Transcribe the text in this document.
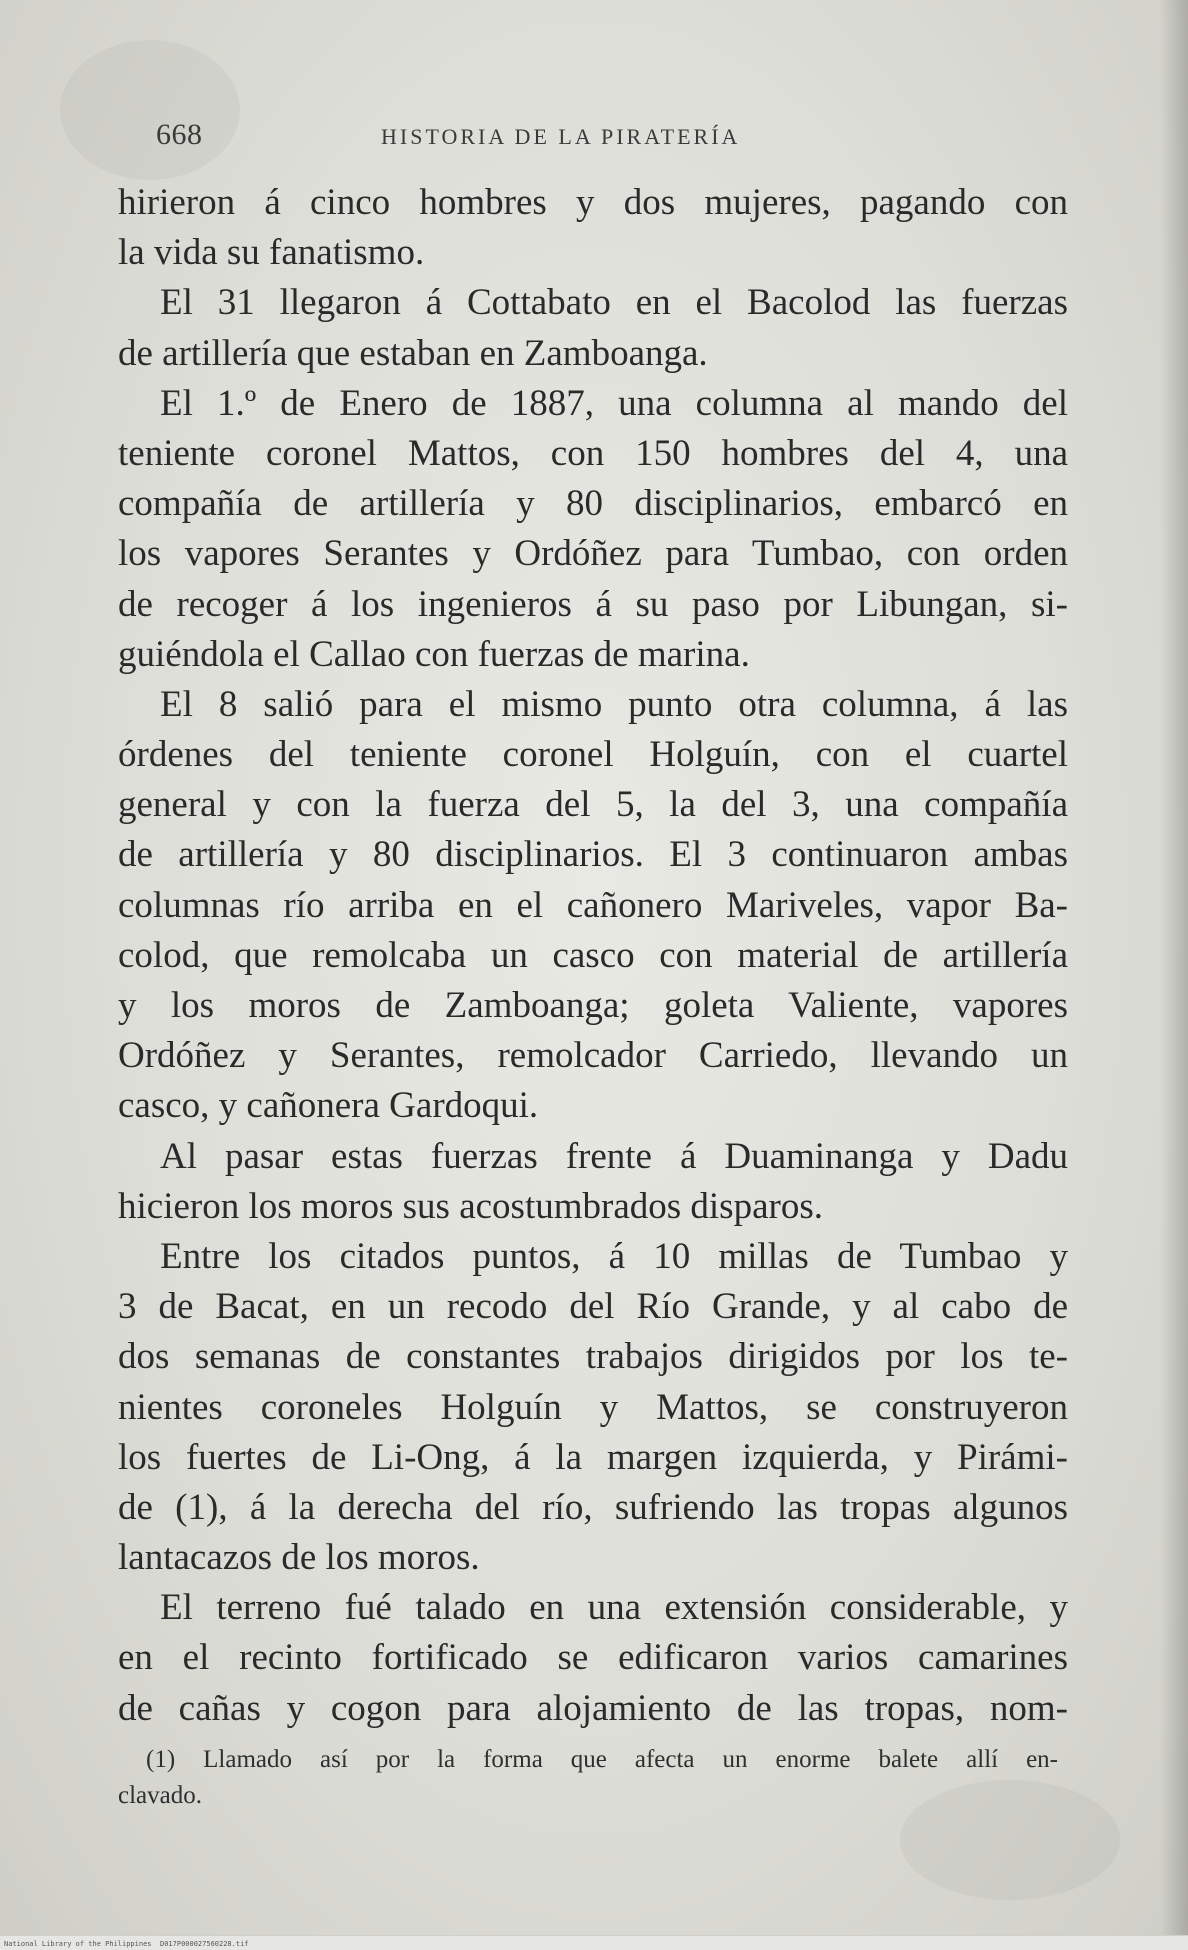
668	HISTORIA DE LA PIRATERÍA
hirieron á cinco hombres y dos mujeres, pagando con
la vida su fanatismo.
El 31 llegaron á Cottabato en el Bacolod las fuerzas
de artillería que estaban en Zamboanga.
El 1.º de Enero de 1887, una columna al mando del
teniente coronel Mattos, con 150 hombres del 4, una
compañía de artillería y 80 disciplinarios, embarcó en
los vapores Serantes y Ordóñez para Tumbao, con orden
de recoger á los ingenieros á su paso por Libungan, si-
guiéndola el Callao con fuerzas de marina.
El 8 salió para el mismo punto otra columna, á las
órdenes del teniente coronel Holguín, con el cuartel
general y con la fuerza del 5, la del 3, una compañía
de artillería y 80 disciplinarios. El 3 continuaron ambas
columnas río arriba en el cañonero Mariveles, vapor Ba-
colod, que remolcaba un casco con material de artillería
y los moros de Zamboanga; goleta Valiente, vapores
Ordóñez y Serantes, remolcador Carriedo, llevando un
casco, y cañonera Gardoqui.
Al pasar estas fuerzas frente á Duaminanga y Dadu
hicieron los moros sus acostumbrados disparos.
Entre los citados puntos, á 10 millas de Tumbao y
3 de Bacat, en un recodo del Río Grande, y al cabo de
dos semanas de constantes trabajos dirigidos por los te-
nientes coroneles Holguín y Mattos, se construyeron
los fuertes de Li-Ong, á la margen izquierda, y Pirámi-
de (1), á la derecha del río, sufriendo las tropas algunos
lantacazos de los moros.
El terreno fué talado en una extensión considerable, y
en el recinto fortificado se edificaron varios camarines
de cañas y cogon para alojamiento de las tropas, nom-
(1) Llamado así por la forma que afecta un enorme balete allí en-
clavado.
National Library of the Philippines D017P000027560228.tif
